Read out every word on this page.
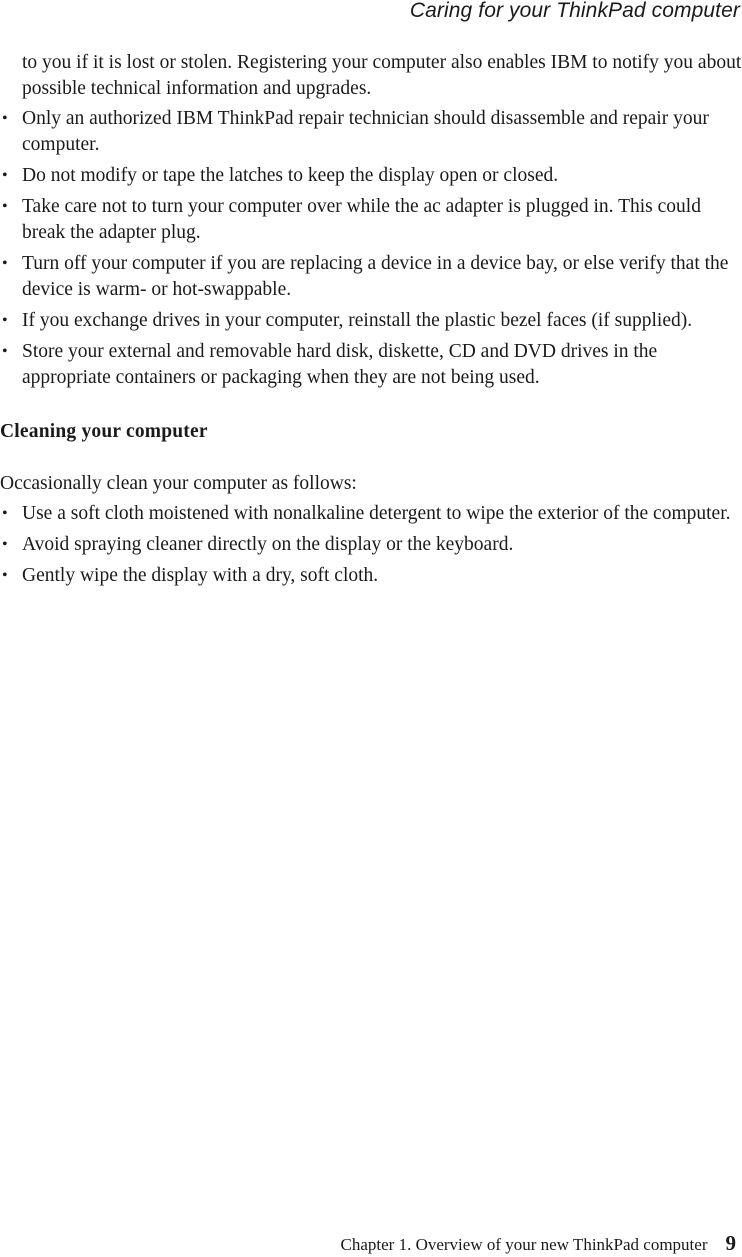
Caring for your ThinkPad computer

to you if it is lost or stolen. Registering your computer also enables IBM to notify you about possible technical information and upgrades.

• Only an authorized IBM ThinkPad repair technician should disassemble and repair your computer.
• Do not modify or tape the latches to keep the display open or closed.
• Take care not to turn your computer over while the ac adapter is plugged in. This could break the adapter plug.
• Turn off your computer if you are replacing a device in a device bay, or else verify that the device is warm- or hot-swappable.
• If you exchange drives in your computer, reinstall the plastic bezel faces (if supplied).
• Store your external and removable hard disk, diskette, CD and DVD drives in the appropriate containers or packaging when they are not being used.
Cleaning your computer

Occasionally clean your computer as follows:

• Use a soft cloth moistened with nonalkaline detergent to wipe the exterior of the computer.
• Avoid spraying cleaner directly on the display or the keyboard.
• Gently wipe the display with a dry, soft cloth.
Chapter 1. Overview of your new ThinkPad computer 9
